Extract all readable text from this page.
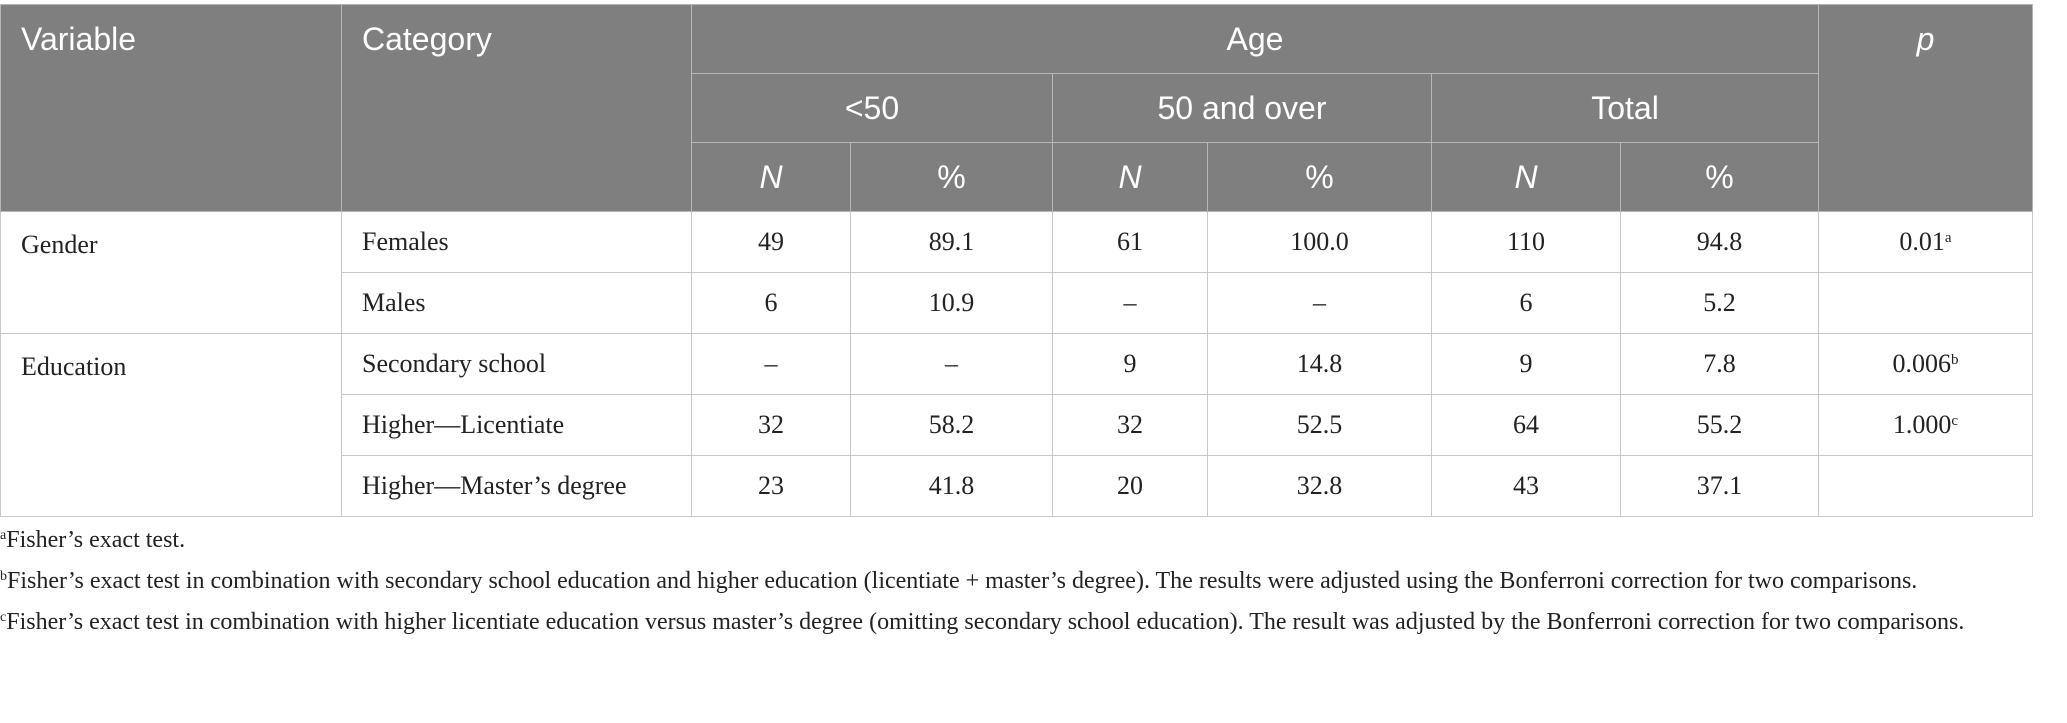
Variable	Category	Age						p
		<50		50 and over		Total		
		N	%	N	%	N	%	
Gender	Females	49	89.1	61	100.0	110	94.8	0.01$^a$
	Males	6	10.9	–	–	6	5.2	
Education	Secondary school	–	–	9	14.8	9	7.8	0.006$^b$
	Higher—Licentiate	32	58.2	32	52.5	64	55.2	1.000$^c$
	Higher—Master’s degree	23	41.8	20	32.8	43	37.1	

$^a$Fisher’s exact test.

$^b$Fisher’s exact test in combination with secondary school education and higher education (licentiate + master’s degree). The results were adjusted using the Bonferroni correction for two comparisons.

$^c$Fisher’s exact test in combination with higher licentiate education versus master’s degree (omitting secondary school education). The result was adjusted by the Bonferroni correction for two comparisons.
